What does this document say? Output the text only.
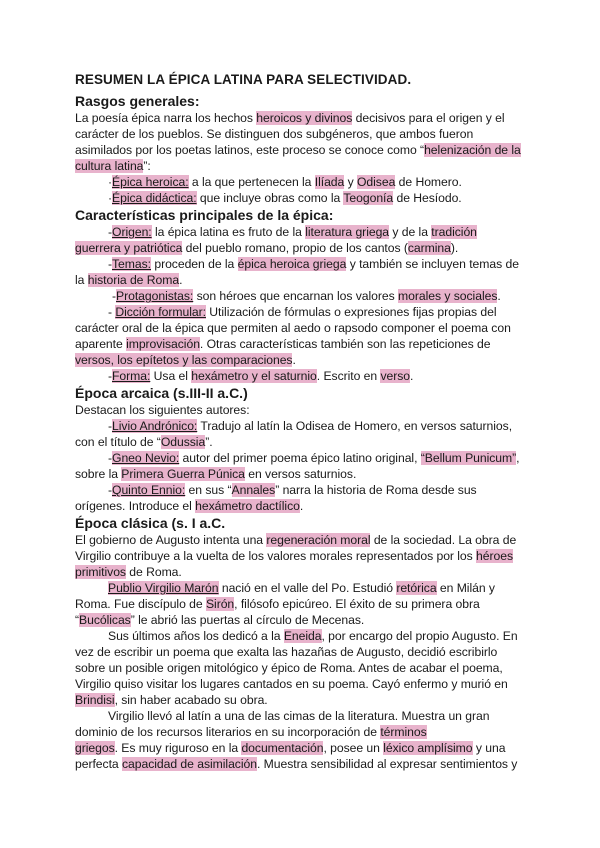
RESUMEN LA ÉPICA LATINA PARA SELECTIVIDAD.
Rasgos generales:
La poesía épica narra los hechos heroicos y divinos decisivos para el origen y el
carácter de los pueblos. Se distinguen dos subgéneros, que ambos fueron
asimilados por los poetas latinos, este proceso se conoce como “helenización de la
cultura latina”:
·Épica heroica: a la que pertenecen la Ilíada y Odisea de Homero.
·Épica didáctica: que incluye obras como la Teogonía de Hesíodo.
Características principales de la épica:
-Origen: la épica latina es fruto de la literatura griega y de la tradición
guerrera y patriótica del pueblo romano, propio de los cantos (carmina).
-Temas: proceden de la épica heroica griega y también se incluyen temas de
la historia de Roma.
-Protagonistas: son héroes que encarnan los valores morales y sociales.
- Dicción formular: Utilización de fórmulas o expresiones fijas propias del
carácter oral de la épica que permiten al aedo o rapsodo componer el poema con
aparente improvisación. Otras características también son las repeticiones de
versos, los epítetos y las comparaciones.
-Forma: Usa el hexámetro y el saturnio. Escrito en verso.
Época arcaica (s.III-II a.C.)
Destacan los siguientes autores:
-Livio Andrónico: Tradujo al latín la Odisea de Homero, en versos saturnios,
con el título de “Odussia”.
-Gneo Nevio: autor del primer poema épico latino original, “Bellum Punicum”,
sobre la Primera Guerra Púnica en versos saturnios.
-Quinto Ennio: en sus “Annales” narra la historia de Roma desde sus
orígenes. Introduce el hexámetro dactílico.
Época clásica (s. I a.C.
El gobierno de Augusto intenta una regeneración moral de la sociedad. La obra de
Virgilio contribuye a la vuelta de los valores morales representados por los héroes
primitivos de Roma.
Publio Virgilio Marón nació en el valle del Po. Estudió retórica en Milán y
Roma. Fue discípulo de Sirón, filósofo epicúreo. El éxito de su primera obra
“Bucólicas” le abrió las puertas al círculo de Mecenas.
Sus últimos años los dedicó a la Eneida, por encargo del propio Augusto. En
vez de escribir un poema que exalta las hazañas de Augusto, decidió escribirlo
sobre un posible origen mitológico y épico de Roma. Antes de acabar el poema,
Virgilio quiso visitar los lugares cantados en su poema. Cayó enfermo y murió en
Brindisi, sin haber acabado su obra.
Virgilio llevó al latín a una de las cimas de la literatura. Muestra un gran
dominio de los recursos literarios en su incorporación de términos
griegos. Es muy riguroso en la documentación, posee un léxico amplísimo y una
perfecta capacidad de asimilación. Muestra sensibilidad al expresar sentimientos y
